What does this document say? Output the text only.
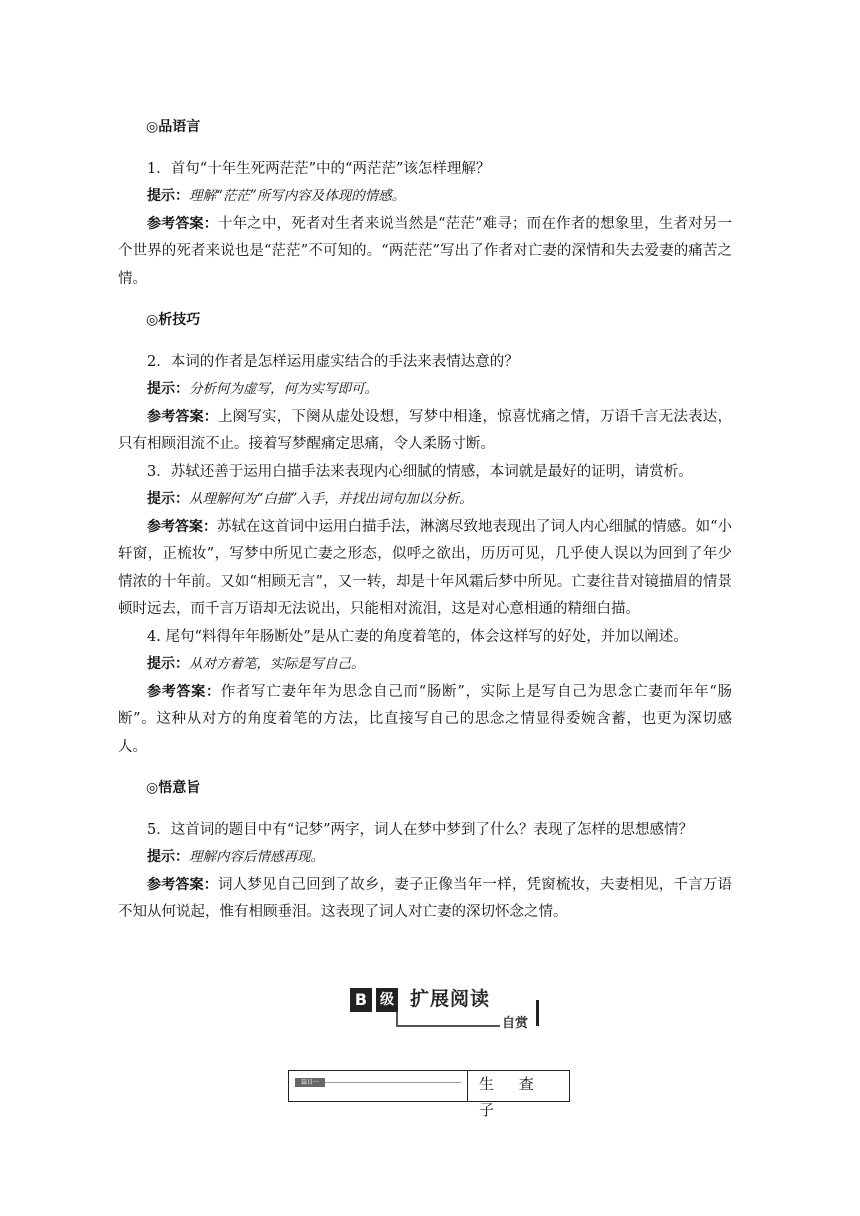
◎品语言

1．首句“十年生死两茫茫”中的“两茫茫”该怎样理解？

提示：理解“茫茫”所写内容及体现的情感。

参考答案：十年之中，死者对生者来说当然是“茫茫”难寻；而在作者的想象里，生者对另一个世界的死者来说也是“茫茫”不可知的。“两茫茫”写出了作者对亡妻的深情和失去爱妻的痛苦之情。

◎析技巧

2．本词的作者是怎样运用虚实结合的手法来表情达意的？

提示：分析何为虚写，何为实写即可。

参考答案：上阕写实，下阕从虚处设想，写梦中相逢，惊喜忧痛之情，万语千言无法表达，只有相顾泪流不止。接着写梦醒痛定思痛，令人柔肠寸断。

3．苏轼还善于运用白描手法来表现内心细腻的情感，本词就是最好的证明，请赏析。

提示：从理解何为“白描”入手，并找出词句加以分析。

参考答案：苏轼在这首词中运用白描手法，淋漓尽致地表现出了词人内心细腻的情感。如“小轩窗，正梳妆”，写梦中所见亡妻之形态，似呼之欲出，历历可见，几乎使人误以为回到了年少情浓的十年前。又如“相顾无言”，又一转，却是十年风霜后梦中所见。亡妻往昔对镜描眉的情景顿时远去，而千言万语却无法说出，只能相对流泪，这是对心意相通的精细白描。

4. 尾句“料得年年肠断处”是从亡妻的角度着笔的，体会这样写的好处，并加以阐述。

提示：从对方着笔，实际是写自己。

参考答案：作者写亡妻年年为思念自己而“肠断”，实际上是写自己为思念亡妻而年年“肠断”。这种从对方的角度着笔的方法，比直接写自己的思念之情显得委婉含蓄，也更为深切感人。

◎悟意旨

5．这首词的题目中有“记梦”两字，词人在梦中梦到了什么？表现了怎样的思想感情？

提示：理解内容后情感再现。

参考答案：词人梦见自己回到了故乡，妻子正像当年一样，凭窗梳妆，夫妻相见，千言万语不知从何说起，惟有相顾垂泪。这表现了词人对亡妻的深切怀念之情。

B 级 扩展阅读
自赏
篇目一	生 查 子
